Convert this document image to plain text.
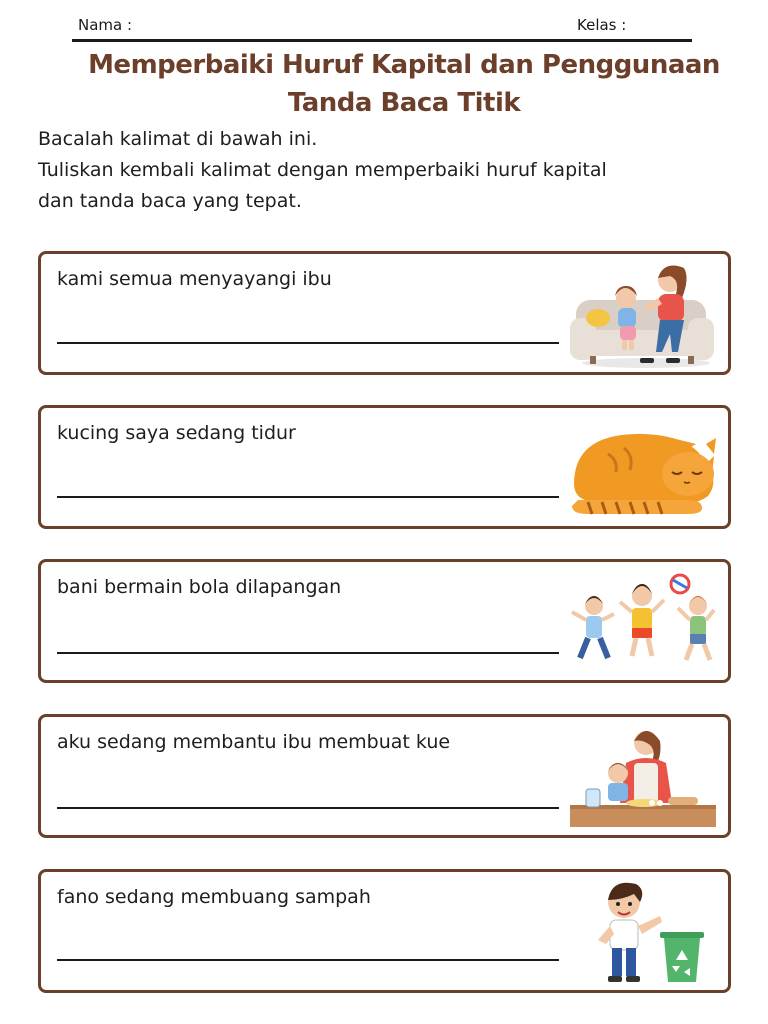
Nama :	Kelas :
Memperbaiki Huruf Kapital dan Penggunaan
Tanda Baca Titik

Bacalah kalimat di bawah ini.

Tuliskan kembali kalimat dengan memperbaiki huruf kapital

dan tanda baca yang tepat.

kami semua menyayangi ibu
kucing saya sedang tidur
bani bermain bola dilapangan
aku sedang membantu ibu membuat kue
fano sedang membuang sampah
